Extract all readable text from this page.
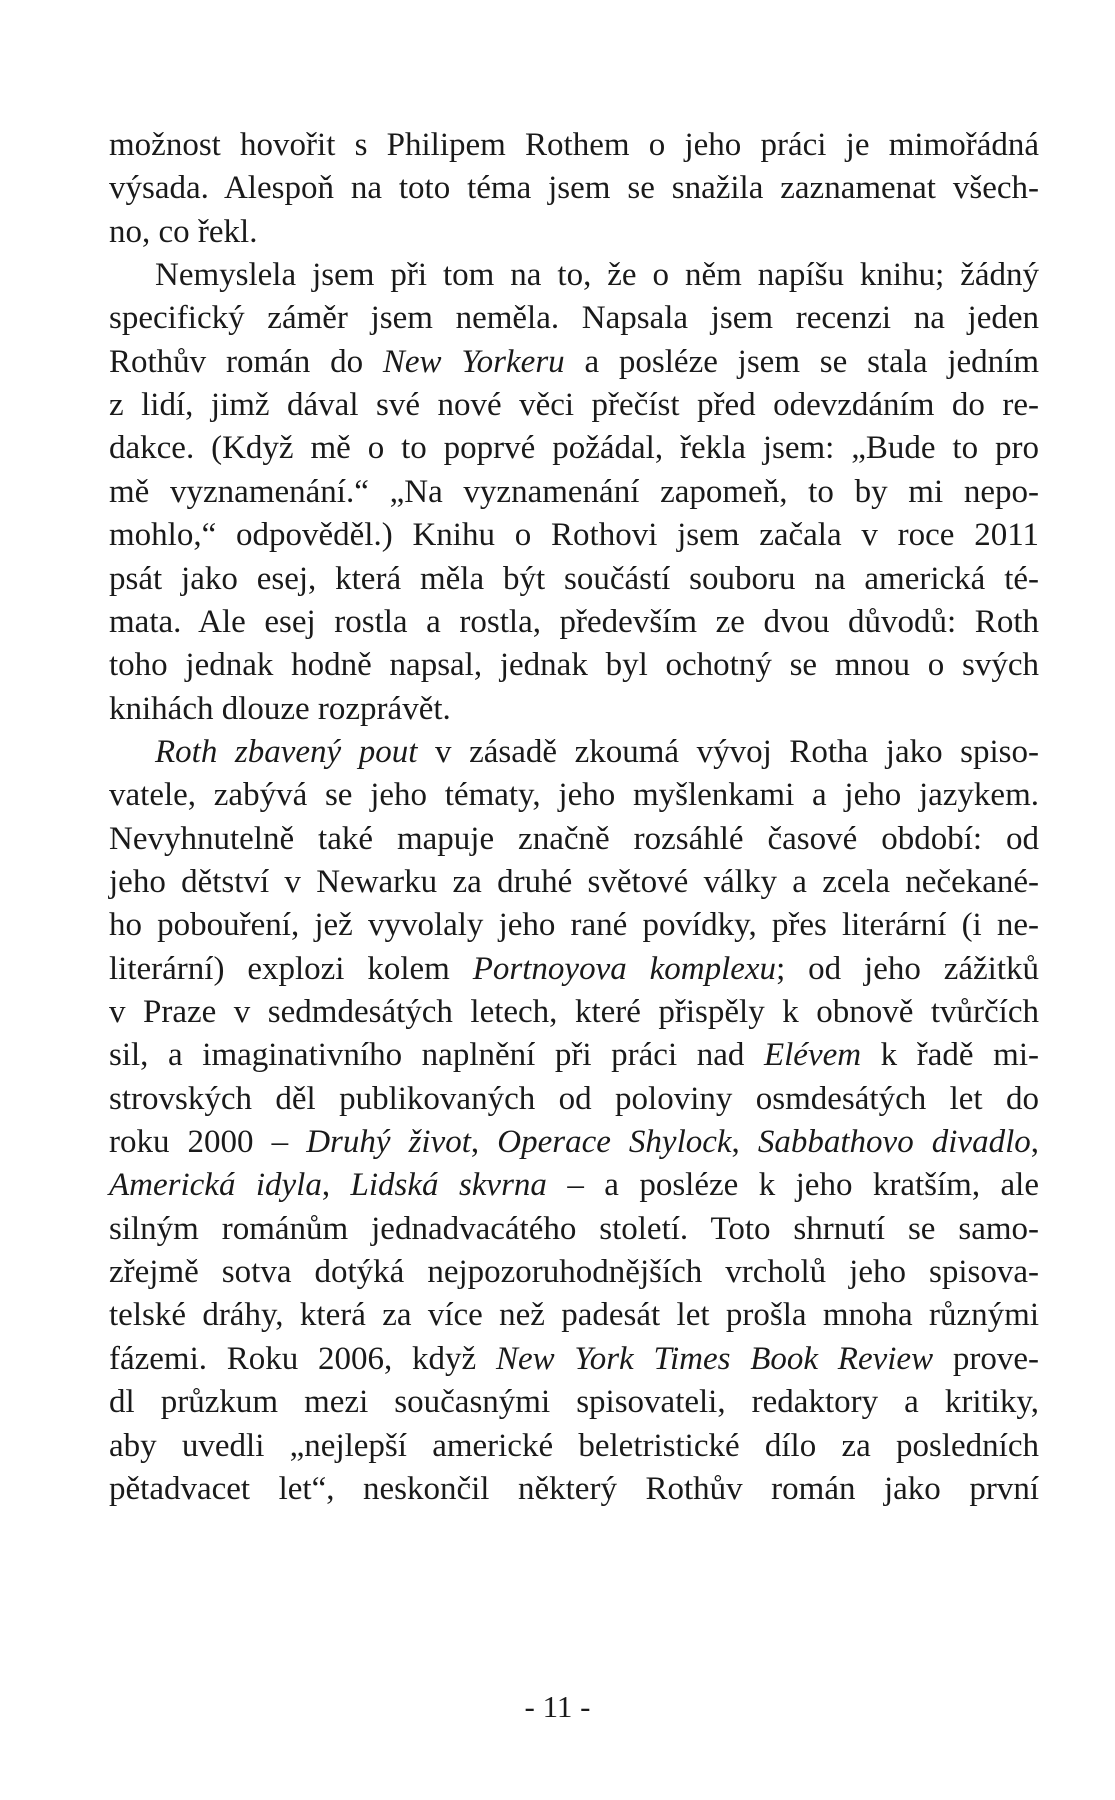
možnost hovořit s Philipem Rothem o jeho práci je mimořádná
výsada. Alespoň na toto téma jsem se snažila zaznamenat všech-
no, co řekl.
Nemyslela jsem při tom na to, že o něm napíšu knihu; žádný
specifický záměr jsem neměla. Napsala jsem recenzi na jeden
Rothův román do New Yorkeru a posléze jsem se stala jedním
z lidí, jimž dával své nové věci přečíst před odevzdáním do re-
dakce. (Když mě o to poprvé požádal, řekla jsem: „Bude to pro
mě vyznamenání.“ „Na vyznamenání zapomeň, to by mi nepo-
mohlo,“ odpověděl.) Knihu o Rothovi jsem začala v roce 2011
psát jako esej, která měla být součástí souboru na americká té-
mata. Ale esej rostla a rostla, především ze dvou důvodů: Roth
toho jednak hodně napsal, jednak byl ochotný se mnou o svých
knihách dlouze rozprávět.
Roth zbavený pout v zásadě zkoumá vývoj Rotha jako spiso-
vatele, zabývá se jeho tématy, jeho myšlenkami a jeho jazykem.
Nevyhnutelně také mapuje značně rozsáhlé časové období: od
jeho dětství v Newarku za druhé světové války a zcela nečekané-
ho pobouření, jež vyvolaly jeho rané povídky, přes literární (i ne-
literární) explozi kolem Portnoyova komplexu; od jeho zážitků
v Praze v sedmdesátých letech, které přispěly k obnově tvůrčích
sil, a imaginativního naplnění při práci nad Elévem k řadě mi-
strovských děl publikovaných od poloviny osmdesátých let do
roku 2000 – Druhý život, Operace Shylock, Sabbathovo divadlo,
Americká idyla, Lidská skvrna – a posléze k jeho kratším, ale
silným románům jednadvacátého století. Toto shrnutí se samo-
zřejmě sotva dotýká nejpozoruhodnějších vrcholů jeho spisova-
telské dráhy, která za více než padesát let prošla mnoha různými
fázemi. Roku 2006, když New York Times Book Review prove-
dl průzkum mezi současnými spisovateli, redaktory a kritiky,
aby uvedli „nejlepší americké beletristické dílo za posledních
pětadvacet let“, neskončil některý Rothův román jako první
- 11 -
